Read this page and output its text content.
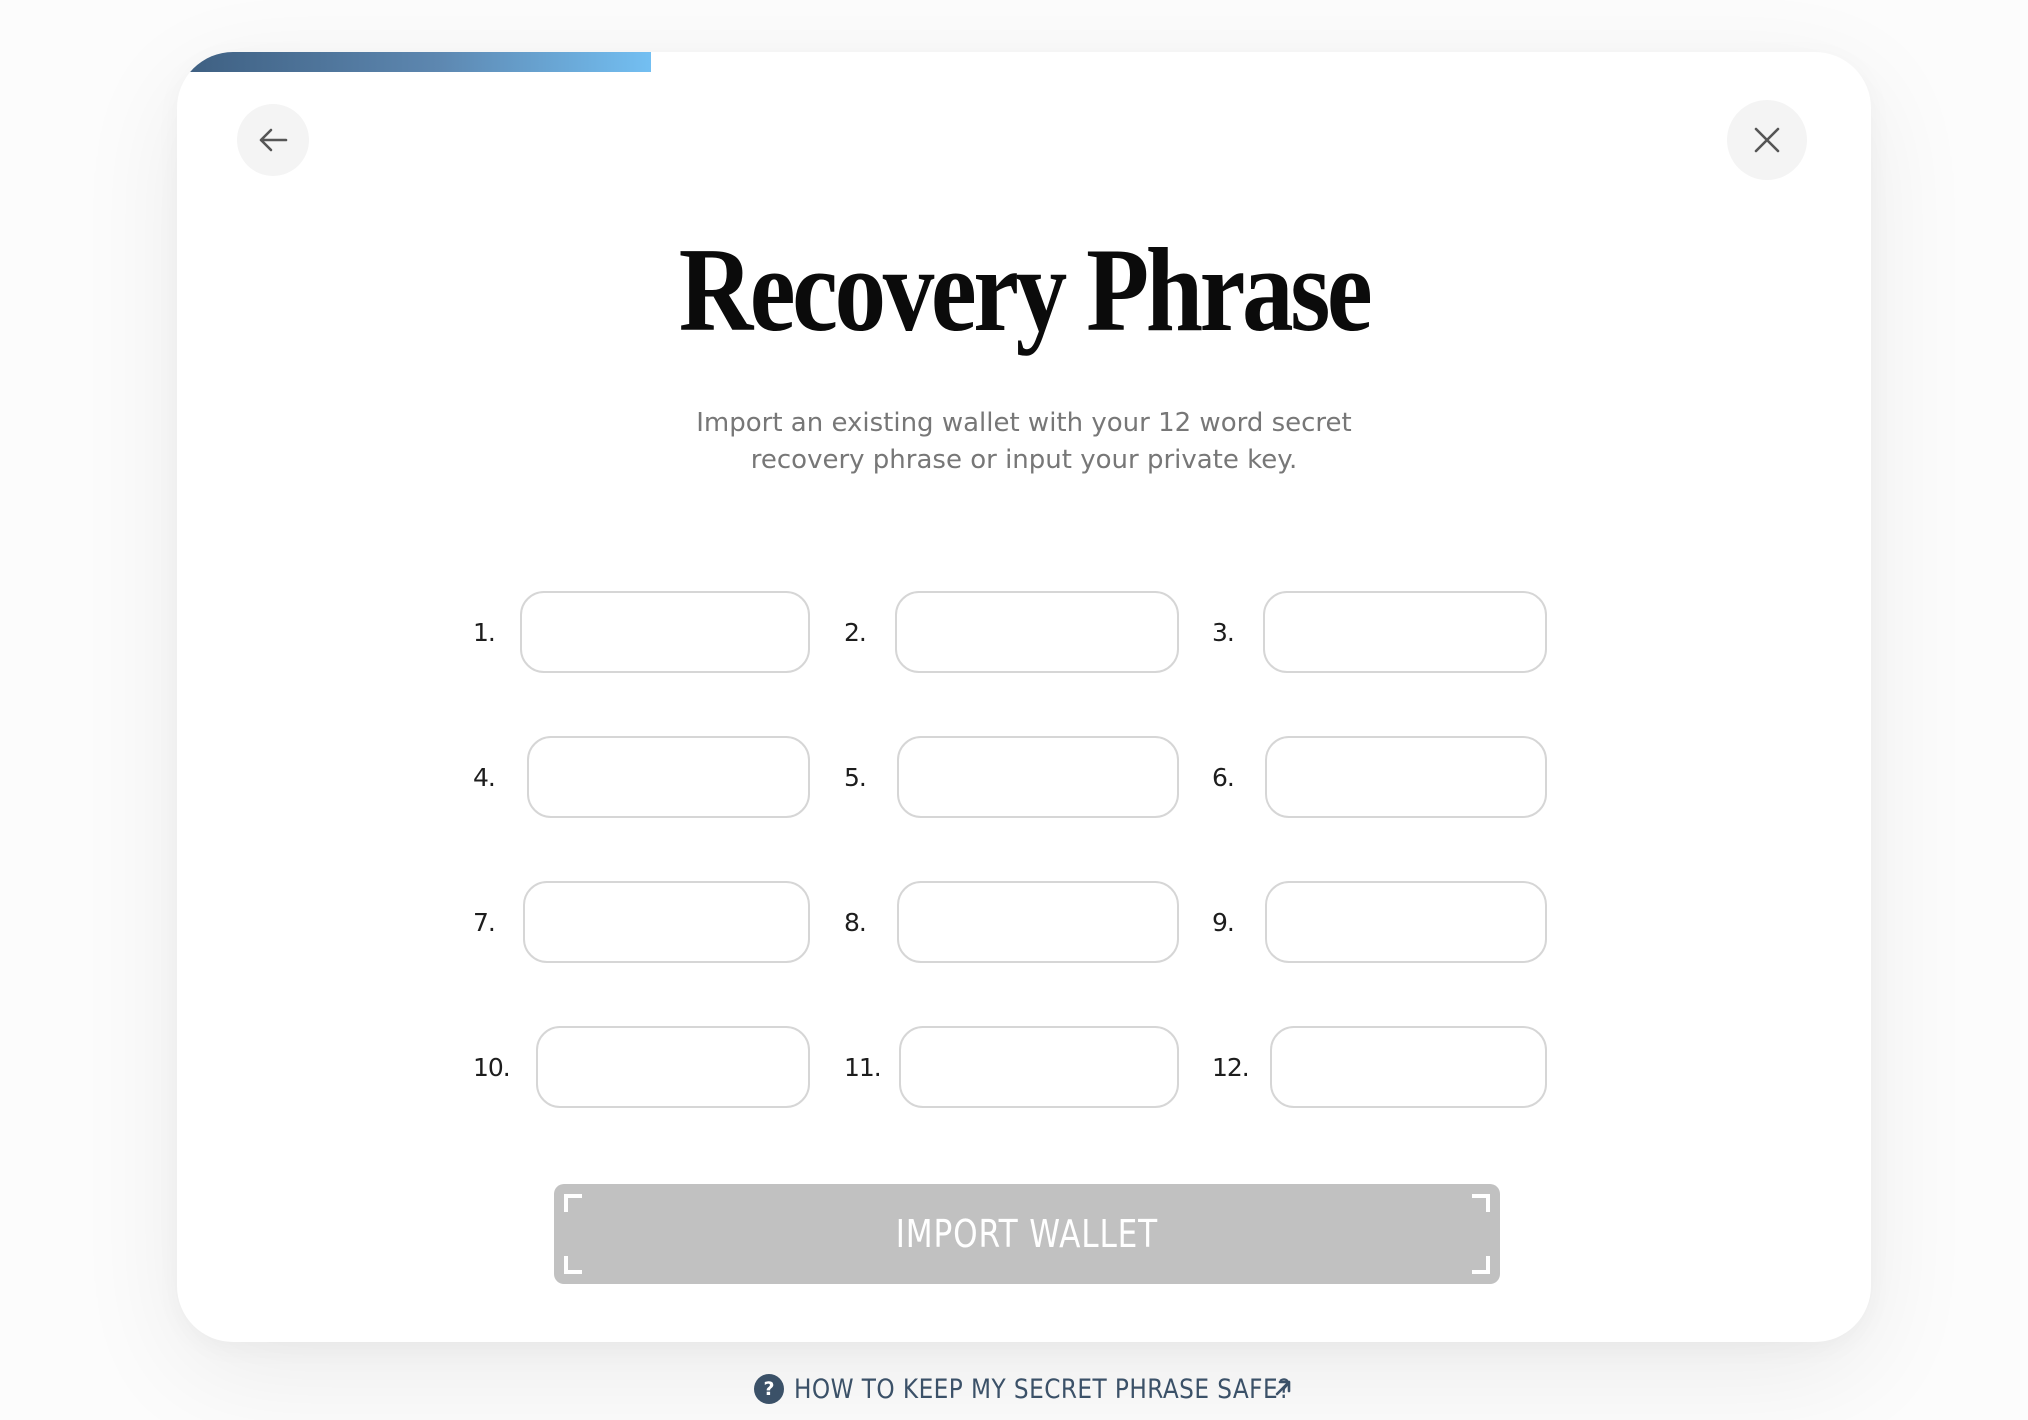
Recovery Phrase

Import an existing wallet with your 12 word secret
recovery phrase or input your private key.

1.	2.	3.
4.	5.	6.
7.	8.	9.
10.	11.	12.
IMPORT WALLET
? HOW TO KEEP MY SECRET PHRASE SAFE?
